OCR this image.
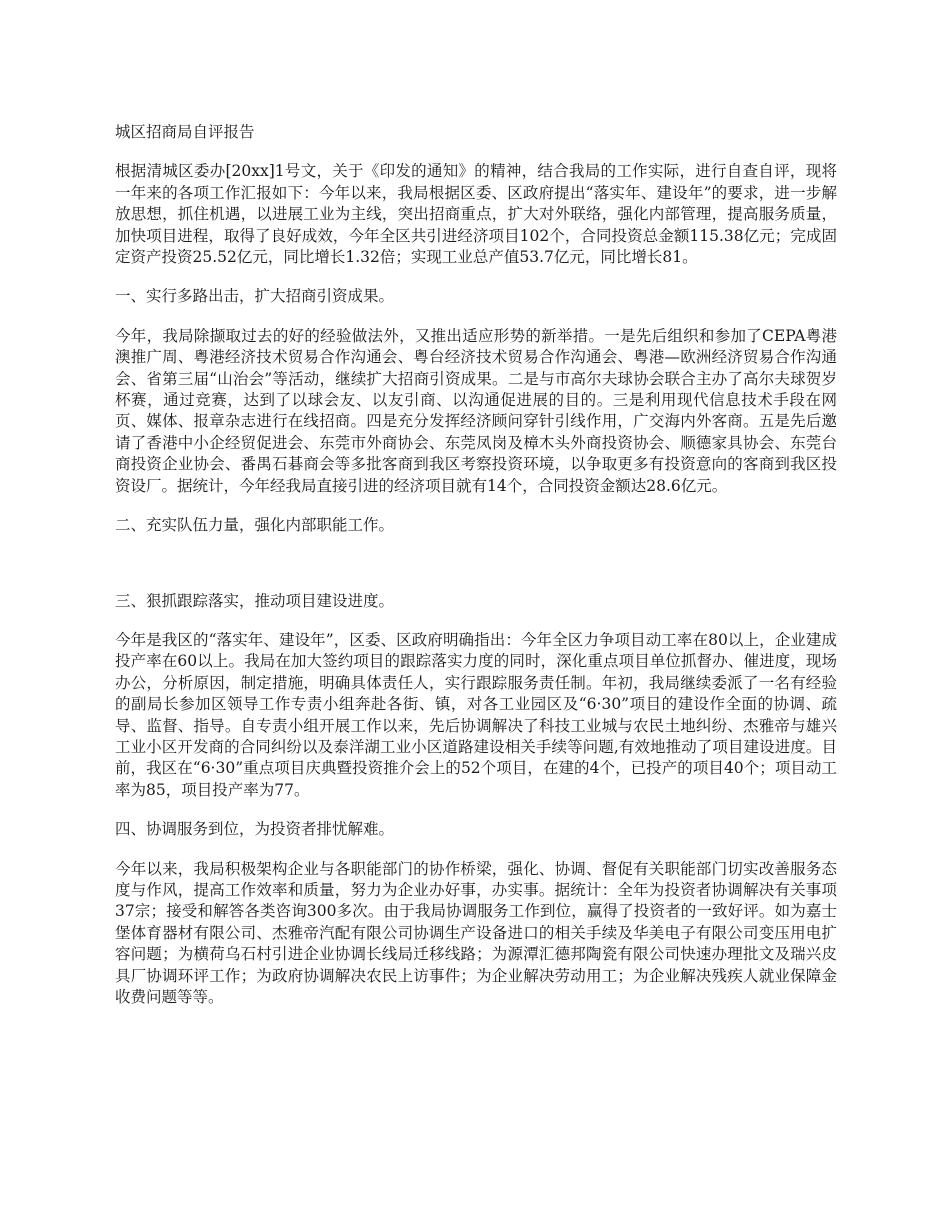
城区招商局自评报告

根据清城区委办[20xx]1号文，关于《印发的通知》的精神，结合我局的工作实际，进行自查自评，现将一年来的各项工作汇报如下：今年以来，我局根据区委、区政府提出“落实年、建设年”的要求，进一步解放思想，抓住机遇，以进展工业为主线，突出招商重点，扩大对外联络，强化内部管理，提高服务质量，加快项目进程，取得了良好成效，今年全区共引进经济项目102个，合同投资总金额115.38亿元；完成固定资产投资25.52亿元，同比增长1.32倍；实现工业总产值53.7亿元，同比增长81。

一、实行多路出击，扩大招商引资成果。

今年，我局除撷取过去的好的经验做法外，又推出适应形势的新举措。一是先后组织和参加了CEPA粤港澳推广周、粤港经济技术贸易合作沟通会、粤台经济技术贸易合作沟通会、粤港—欧洲经济贸易合作沟通会、省第三届“山治会”等活动，继续扩大招商引资成果。二是与市高尔夫球协会联合主办了高尔夫球贺岁杯赛，通过竞赛，达到了以球会友、以友引商、以沟通促进展的目的。三是利用现代信息技术手段在网页、媒体、报章杂志进行在线招商。四是充分发挥经济顾问穿针引线作用，广交海内外客商。五是先后邀请了香港中小企经贸促进会、东莞市外商协会、东莞凤岗及樟木头外商投资协会、顺德家具协会、东莞台商投资企业协会、番禺石碁商会等多批客商到我区考察投资环境，以争取更多有投资意向的客商到我区投资设厂。据统计，今年经我局直接引进的经济项目就有14个，合同投资金额达28.6亿元。

二、充实队伍力量，强化内部职能工作。

三、狠抓跟踪落实，推动项目建设进度。

今年是我区的“落实年、建设年”，区委、区政府明确指出：今年全区力争项目动工率在80以上，企业建成投产率在60以上。我局在加大签约项目的跟踪落实力度的同时，深化重点项目单位抓督办、催进度，现场办公，分析原因，制定措施，明确具体责任人，实行跟踪服务责任制。年初，我局继续委派了一名有经验的副局长参加区领导工作专责小组奔赴各街、镇，对各工业园区及“6·30”项目的建设作全面的协调、疏导、监督、指导。自专责小组开展工作以来，先后协调解决了科技工业城与农民土地纠纷、杰雅帝与雄兴工业小区开发商的合同纠纷以及泰洋湖工业小区道路建设相关手续等问题,有效地推动了项目建设进度。目前，我区在“6·30”重点项目庆典暨投资推介会上的52个项目，在建的4个，已投产的项目40个；项目动工率为85，项目投产率为77。

四、协调服务到位，为投资者排忧解难。

今年以来，我局积极架构企业与各职能部门的协作桥梁，强化、协调、督促有关职能部门切实改善服务态度与作风，提高工作效率和质量，努力为企业办好事，办实事。据统计：全年为投资者协调解决有关事项37宗；接受和解答各类咨询300多次。由于我局协调服务工作到位，赢得了投资者的一致好评。如为嘉士堡体育器材有限公司、杰雅帝汽配有限公司协调生产设备进口的相关手续及华美电子有限公司变压用电扩容问题；为横荷乌石村引进企业协调长线局迁移线路；为源潭汇德邦陶瓷有限公司快速办理批文及瑞兴皮具厂协调环评工作；为政府协调解决农民上访事件；为企业解决劳动用工；为企业解决残疾人就业保障金收费问题等等。
